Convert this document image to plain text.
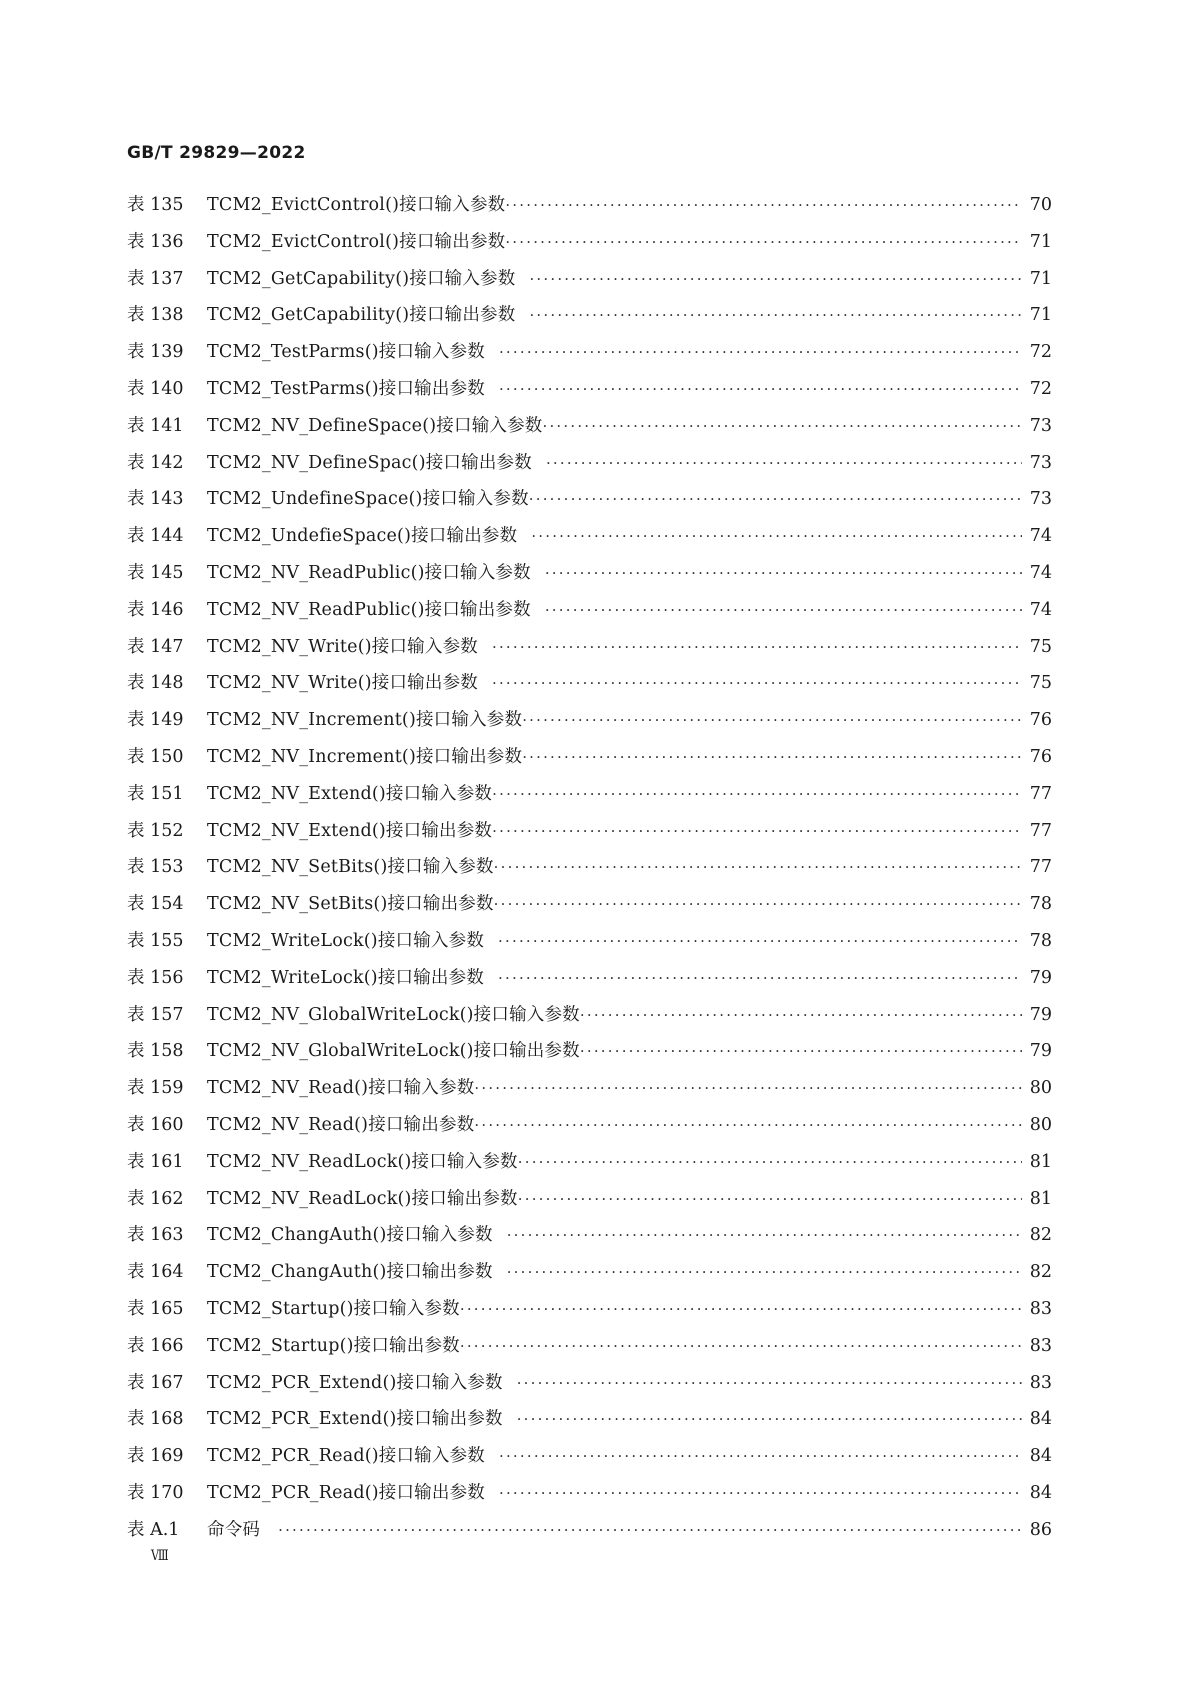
GB/T 29829—2022
表 135	TCM2_EvictControl()接口输入参数 ·····	70
表 136	TCM2_EvictControl()接口输出参数 ·····	71
表 137	TCM2_GetCapability()接口输入参数 ·····	71
表 138	TCM2_GetCapability()接口输出参数 ·····	71
表 139	TCM2_TestParms()接口输入参数 ·····	72
表 140	TCM2_TestParms()接口输出参数 ·····	72
表 141	TCM2_NV_DefineSpace()接口输入参数 ·····	73
表 142	TCM2_NV_DefineSpac()接口输出参数 ·····	73
表 143	TCM2_UndefineSpace()接口输入参数 ·····	73
表 144	TCM2_UndefieSpace()接口输出参数 ·····	74
表 145	TCM2_NV_ReadPublic()接口输入参数 ·····	74
表 146	TCM2_NV_ReadPublic()接口输出参数 ·····	74
表 147	TCM2_NV_Write()接口输入参数 ·····	75
表 148	TCM2_NV_Write()接口输出参数 ·····	75
表 149	TCM2_NV_Increment()接口输入参数 ·····	76
表 150	TCM2_NV_Increment()接口输出参数 ·····	76
表 151	TCM2_NV_Extend()接口输入参数 ·····	77
表 152	TCM2_NV_Extend()接口输出参数 ·····	77
表 153	TCM2_NV_SetBits()接口输入参数 ·····	77
表 154	TCM2_NV_SetBits()接口输出参数 ·····	78
表 155	TCM2_WriteLock()接口输入参数 ·····	78
表 156	TCM2_WriteLock()接口输出参数 ·····	79
表 157	TCM2_NV_GlobalWriteLock()接口输入参数 ·····	79
表 158	TCM2_NV_GlobalWriteLock()接口输出参数 ·····	79
表 159	TCM2_NV_Read()接口输入参数 ·····	80
表 160	TCM2_NV_Read()接口输出参数 ·····	80
表 161	TCM2_NV_ReadLock()接口输入参数 ·····	81
表 162	TCM2_NV_ReadLock()接口输出参数 ·····	81
表 163	TCM2_ChangAuth()接口输入参数 ·····	82
表 164	TCM2_ChangAuth()接口输出参数 ·····	82
表 165	TCM2_Startup()接口输入参数 ·····	83
表 166	TCM2_Startup()接口输出参数 ·····	83
表 167	TCM2_PCR_Extend()接口输入参数 ·····	83
表 168	TCM2_PCR_Extend()接口输出参数 ·····	84
表 169	TCM2_PCR_Read()接口输入参数 ·····	84
表 170	TCM2_PCR_Read()接口输出参数 ·····	84
表 A.1	命令码 ·····	86
Ⅷ
